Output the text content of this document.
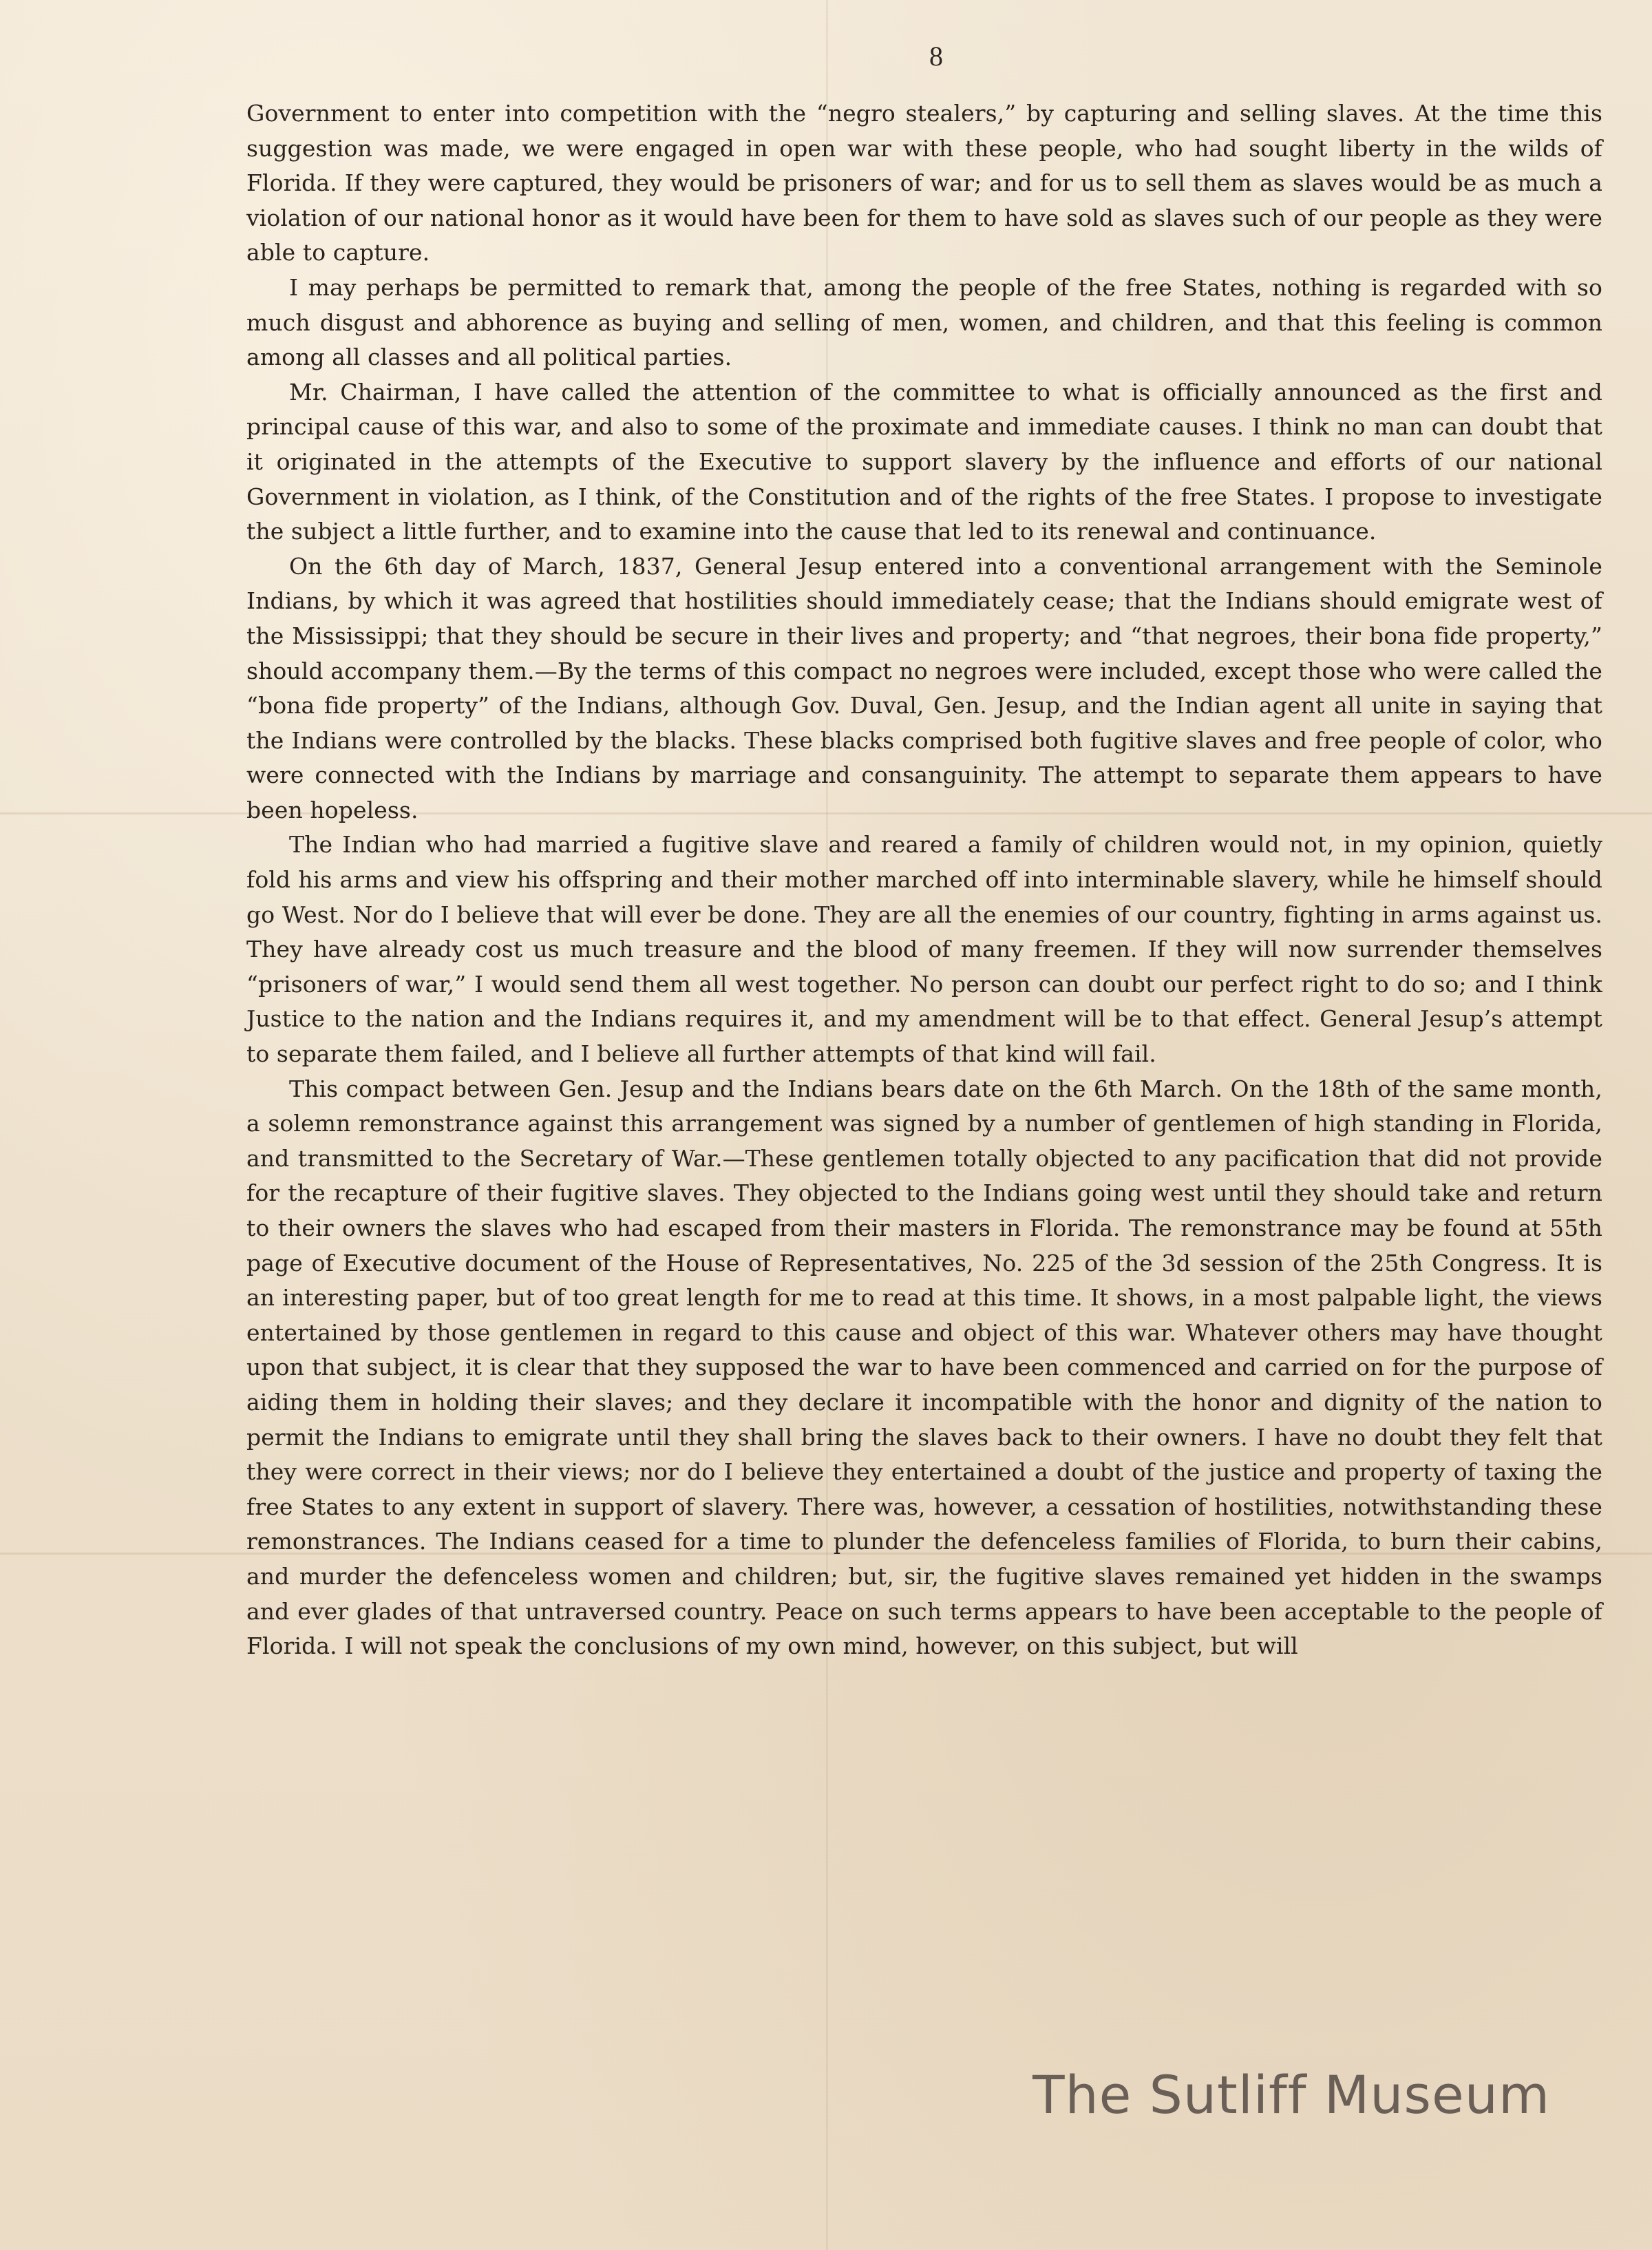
8

Government to enter into competition with the “negro stealers,” by capturing and selling slaves. At the time this suggestion was made, we were engaged in open war with these people, who had sought liberty in the wilds of Florida. If they were captured, they would be prisoners of war; and for us to sell them as slaves would be as much a violation of our national honor as it would have been for them to have sold as slaves such of our people as they were able to capture.

I may perhaps be permitted to remark that, among the people of the free States, nothing is regarded with so much disgust and abhorence as buying and selling of men, women, and children, and that this feeling is common among all classes and all political parties.

Mr. Chairman, I have called the attention of the committee to what is officially announced as the first and principal cause of this war, and also to some of the proximate and immediate causes. I think no man can doubt that it originated in the attempts of the Executive to support slavery by the influence and efforts of our national Government in violation, as I think, of the Constitution and of the rights of the free States. I propose to investigate the subject a little further, and to examine into the cause that led to its renewal and continuance.

On the 6th day of March, 1837, General Jesup entered into a conventional arrangement with the Seminole Indians, by which it was agreed that hostilities should immediately cease; that the Indians should emigrate west of the Mississippi; that they should be secure in their lives and property; and “that negroes, their bona fide property,” should accompany them.—By the terms of this compact no negroes were included, except those who were called the “bona fide property” of the Indians, although Gov. Duval, Gen. Jesup, and the Indian agent all unite in saying that the Indians were controlled by the blacks. These blacks comprised both fugitive slaves and free people of color, who were connected with the Indians by marriage and consanguinity. The attempt to separate them appears to have been hopeless.

The Indian who had married a fugitive slave and reared a family of children would not, in my opinion, quietly fold his arms and view his offspring and their mother marched off into interminable slavery, while he himself should go West. Nor do I believe that will ever be done. They are all the enemies of our country, fighting in arms against us. They have already cost us much treasure and the blood of many freemen. If they will now surrender themselves “prisoners of war,” I would send them all west together. No person can doubt our perfect right to do so; and I think Justice to the nation and the Indians requires it, and my amendment will be to that effect. General Jesup’s attempt to separate them failed, and I believe all further attempts of that kind will fail.

This compact between Gen. Jesup and the Indians bears date on the 6th March. On the 18th of the same month, a solemn remonstrance against this arrangement was signed by a number of gentlemen of high standing in Florida, and transmitted to the Secretary of War.—These gentlemen totally objected to any pacification that did not provide for the recapture of their fugitive slaves. They objected to the Indians going west until they should take and return to their owners the slaves who had escaped from their masters in Florida. The remonstrance may be found at 55th page of Executive document of the House of Representatives, No. 225 of the 3d session of the 25th Congress. It is an interesting paper, but of too great length for me to read at this time. It shows, in a most palpable light, the views entertained by those gentlemen in regard to this cause and object of this war. Whatever others may have thought upon that subject, it is clear that they supposed the war to have been commenced and carried on for the purpose of aiding them in holding their slaves; and they declare it incompatible with the honor and dignity of the nation to permit the Indians to emigrate until they shall bring the slaves back to their owners. I have no doubt they felt that they were correct in their views; nor do I believe they entertained a doubt of the justice and property of taxing the free States to any extent in support of slavery. There was, however, a cessation of hostilities, notwithstanding these remonstrances. The Indians ceased for a time to plunder the defenceless families of Florida, to burn their cabins, and murder the defenceless women and children; but, sir, the fugitive slaves remained yet hidden in the swamps and ever glades of that untraversed country. Peace on such terms appears to have been acceptable to the people of Florida. I will not speak the conclusions of my own mind, however, on this subject, but will

The Sutliff Museum
